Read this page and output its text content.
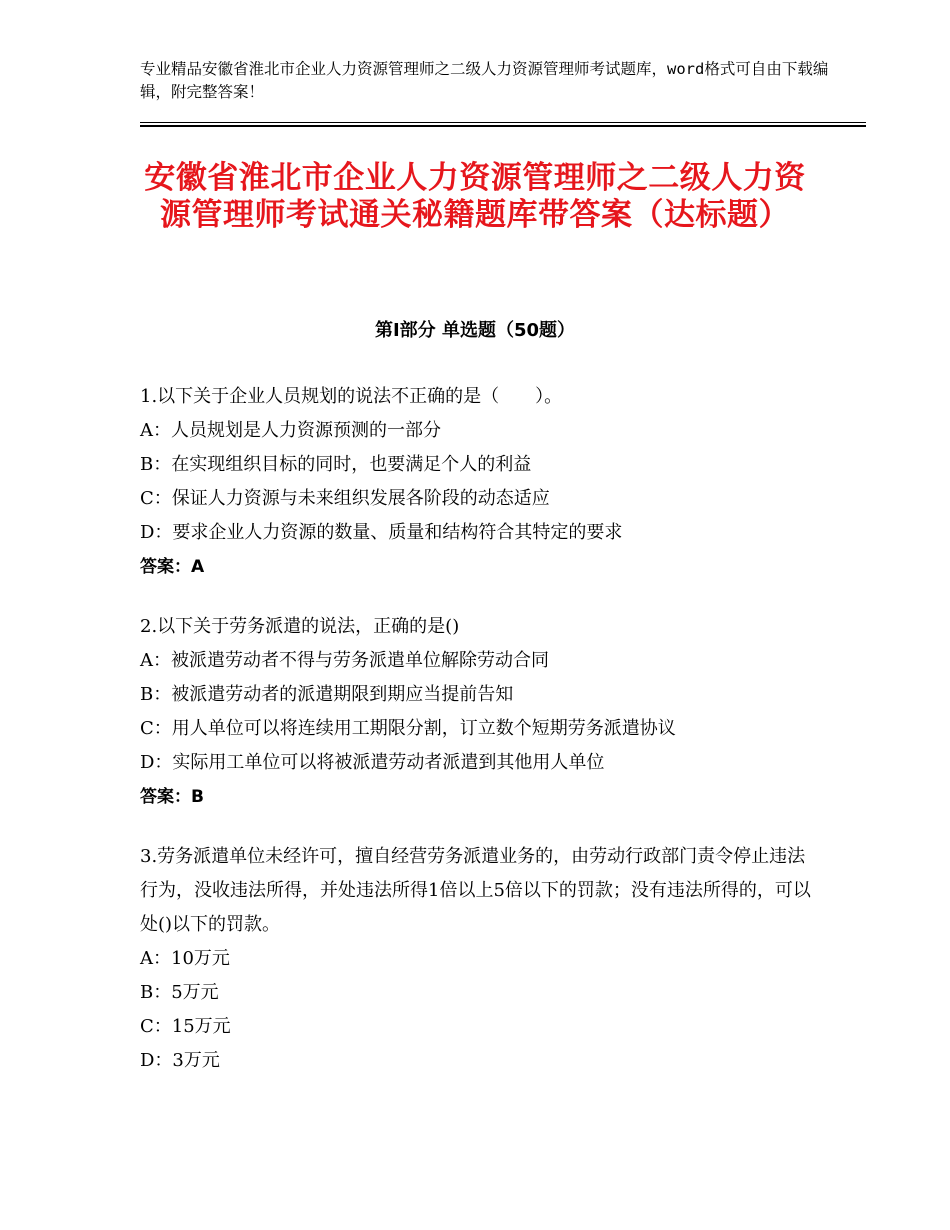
专业精品安徽省淮北市企业人力资源管理师之二级人力资源管理师考试题库，word格式可自由下载编辑，附完整答案！
安徽省淮北市企业人力资源管理师之二级人力资源管理师考试通关秘籍题库带答案（达标题）
第Ⅰ部分 单选题（50题）
1.以下关于企业人员规划的说法不正确的是（　　）。
A：人员规划是人力资源预测的一部分
B：在实现组织目标的同时，也要满足个人的利益
C：保证人力资源与未来组织发展各阶段的动态适应
D：要求企业人力资源的数量、质量和结构符合其特定的要求
答案：A
2.以下关于劳务派遣的说法，正确的是()
A：被派遣劳动者不得与劳务派遣单位解除劳动合同
B：被派遣劳动者的派遣期限到期应当提前告知
C：用人单位可以将连续用工期限分割，订立数个短期劳务派遣协议
D：实际用工单位可以将被派遣劳动者派遣到其他用人单位
答案：B
3.劳务派遣单位未经许可，擅自经营劳务派遣业务的，由劳动行政部门责令停止违法行为，没收违法所得，并处违法所得1倍以上5倍以下的罚款；没有违法所得的，可以处()以下的罚款。
A：10万元
B：5万元
C：15万元
D：3万元
